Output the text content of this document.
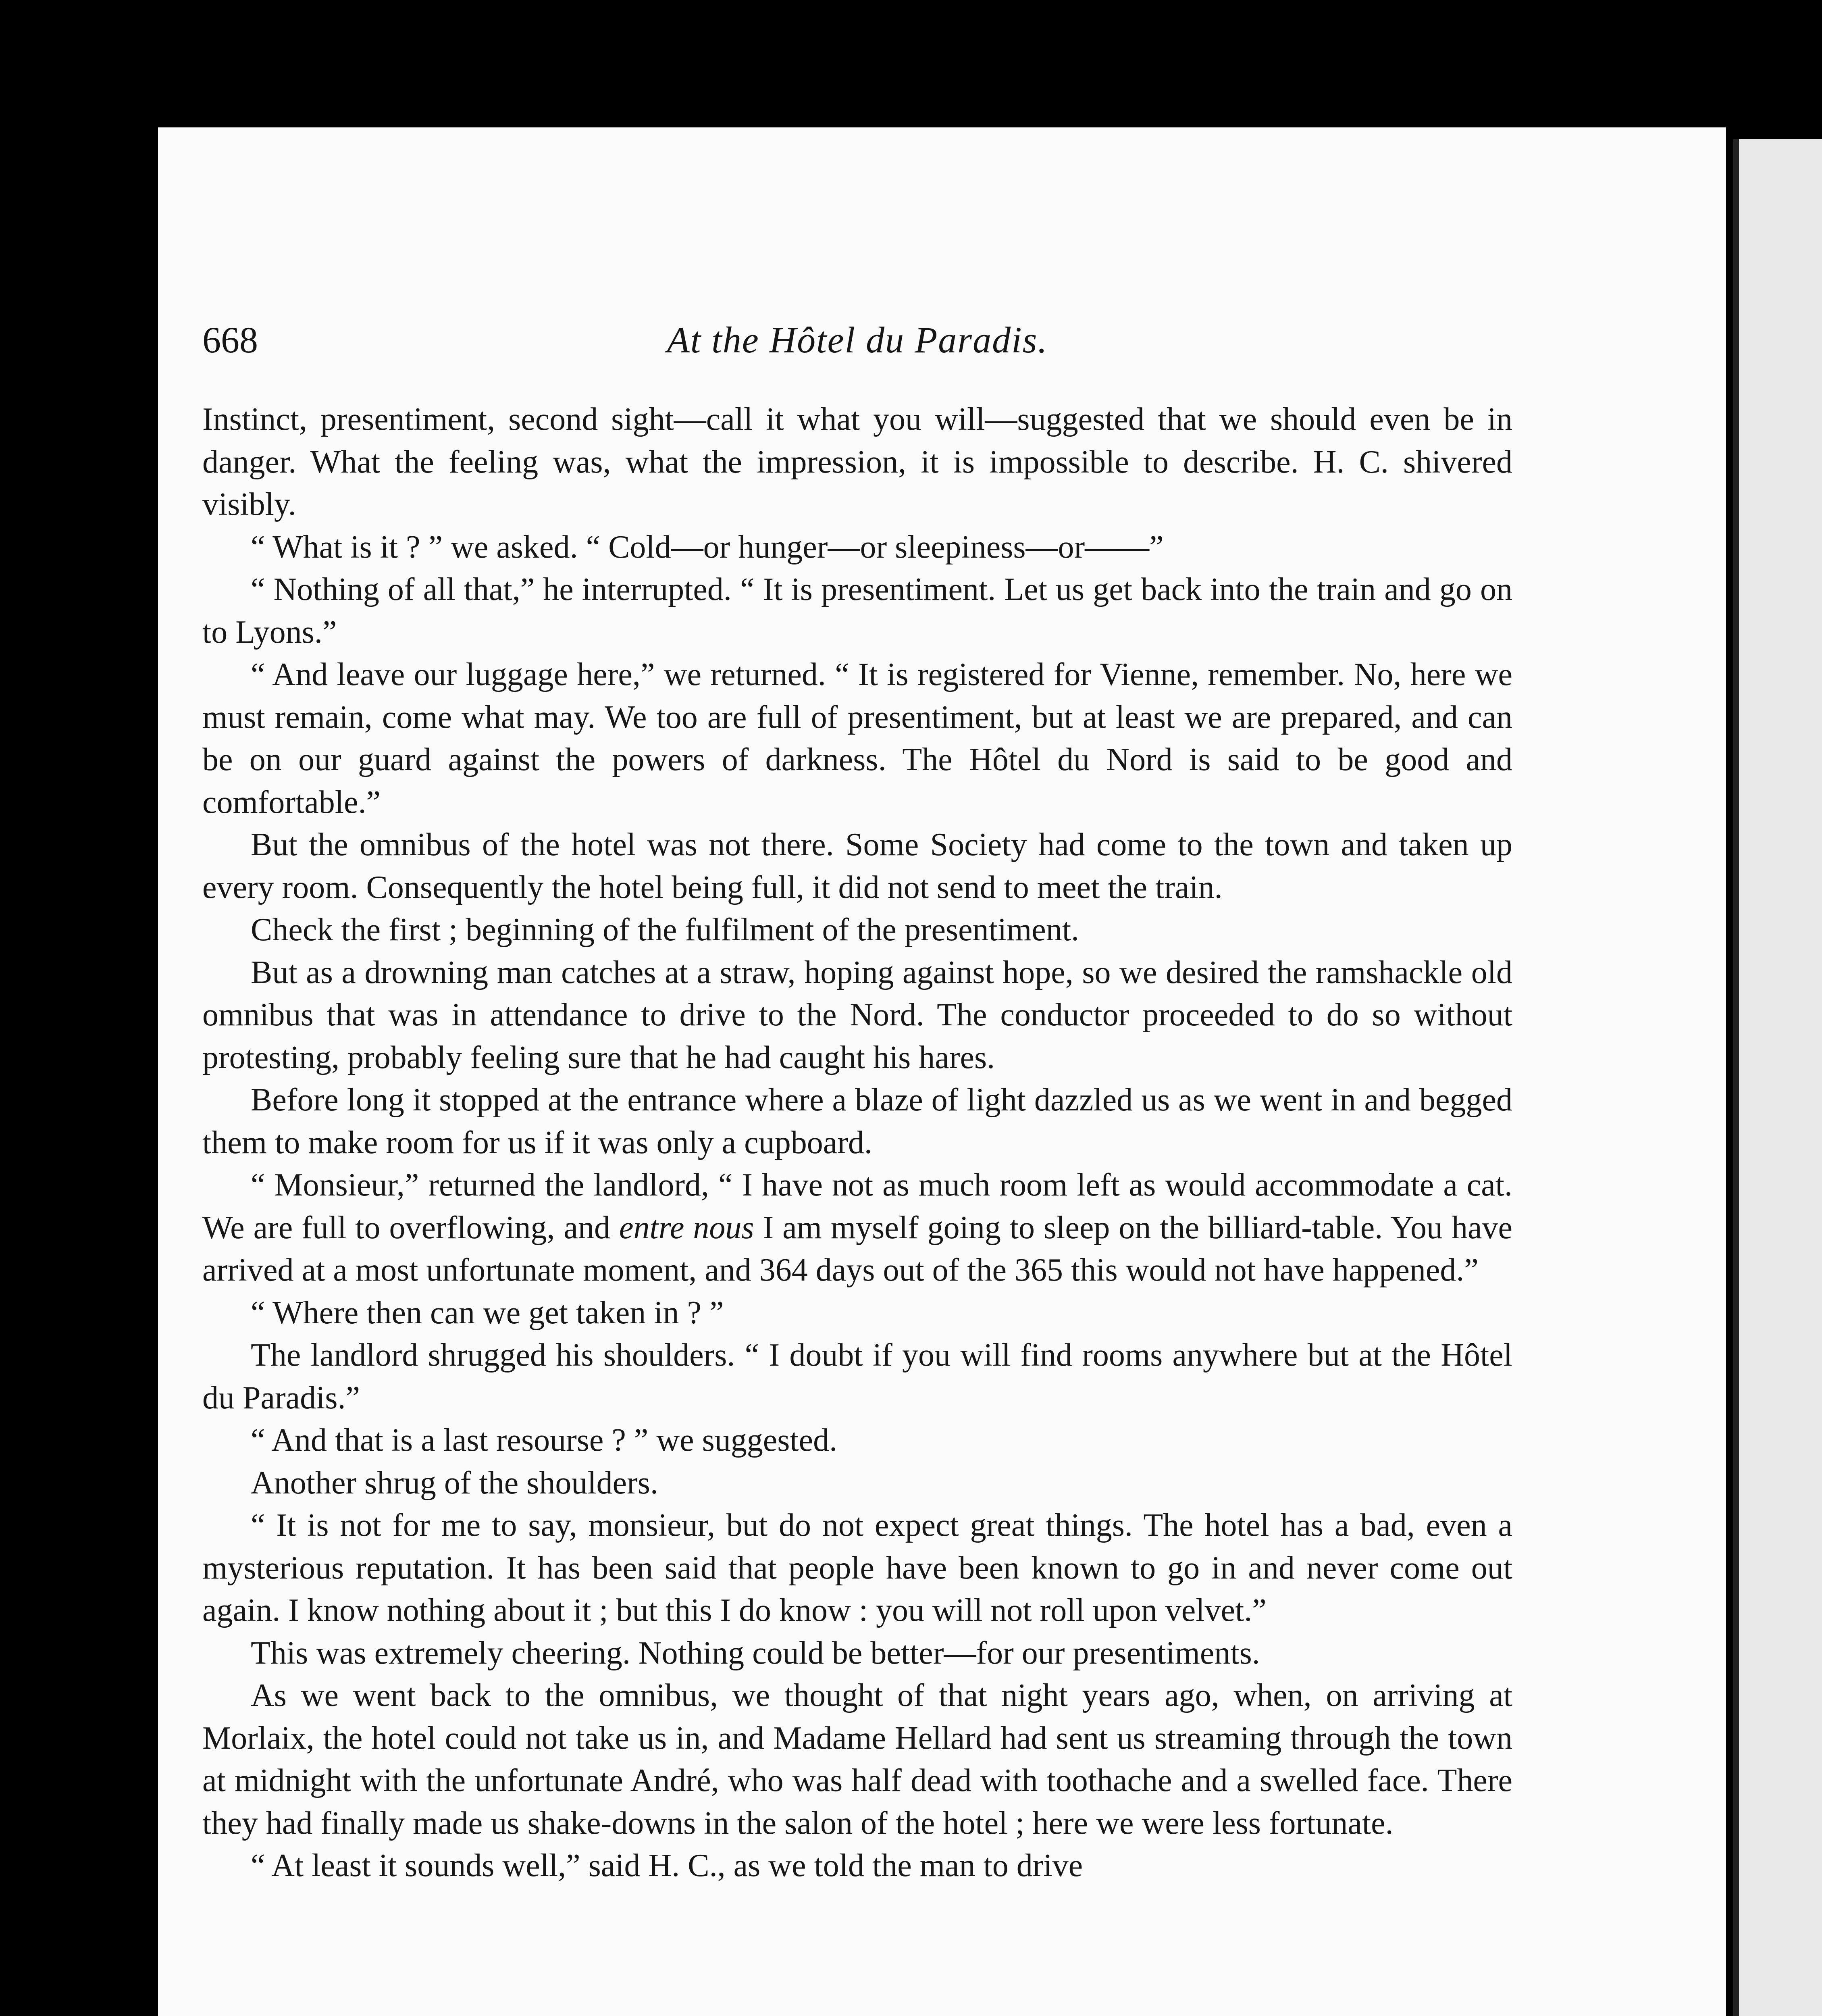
668	At the Hôtel du Paradis.

Instinct, presentiment, second sight—call it what you will—suggested that we should even be in danger. What the feeling was, what the impression, it is impossible to describe. H. C. shivered visibly.

“ What is it ? ” we asked. “ Cold—or hunger—or sleepiness—or——”

“ Nothing of all that,” he interrupted. “ It is presentiment. Let us get back into the train and go on to Lyons.”

“ And leave our luggage here,” we returned. “ It is registered for Vienne, remember. No, here we must remain, come what may. We too are full of presentiment, but at least we are prepared, and can be on our guard against the powers of darkness. The Hôtel du Nord is said to be good and comfortable.”

But the omnibus of the hotel was not there. Some Society had come to the town and taken up every room. Consequently the hotel being full, it did not send to meet the train.

Check the first ; beginning of the fulfilment of the presentiment.

But as a drowning man catches at a straw, hoping against hope, so we desired the ramshackle old omnibus that was in attendance to drive to the Nord. The conductor proceeded to do so without protesting, probably feeling sure that he had caught his hares.

Before long it stopped at the entrance where a blaze of light dazzled us as we went in and begged them to make room for us if it was only a cupboard.

“ Monsieur,” returned the landlord, “ I have not as much room left as would accommodate a cat. We are full to overflowing, and entre nous I am myself going to sleep on the billiard-table. You have arrived at a most unfortunate moment, and 364 days out of the 365 this would not have happened.”

“ Where then can we get taken in ? ”

The landlord shrugged his shoulders. “ I doubt if you will find rooms anywhere but at the Hôtel du Paradis.”

“ And that is a last resourse ? ” we suggested.

Another shrug of the shoulders.

“ It is not for me to say, monsieur, but do not expect great things. The hotel has a bad, even a mysterious reputation. It has been said that people have been known to go in and never come out again. I know nothing about it ; but this I do know : you will not roll upon velvet.”

This was extremely cheering. Nothing could be better—for our presentiments.

As we went back to the omnibus, we thought of that night years ago, when, on arriving at Morlaix, the hotel could not take us in, and Madame Hellard had sent us streaming through the town at midnight with the unfortunate André, who was half dead with toothache and a swelled face. There they had finally made us shake-downs in the salon of the hotel ; here we were less fortunate.

“ At least it sounds well,” said H. C., as we told the man to drive
